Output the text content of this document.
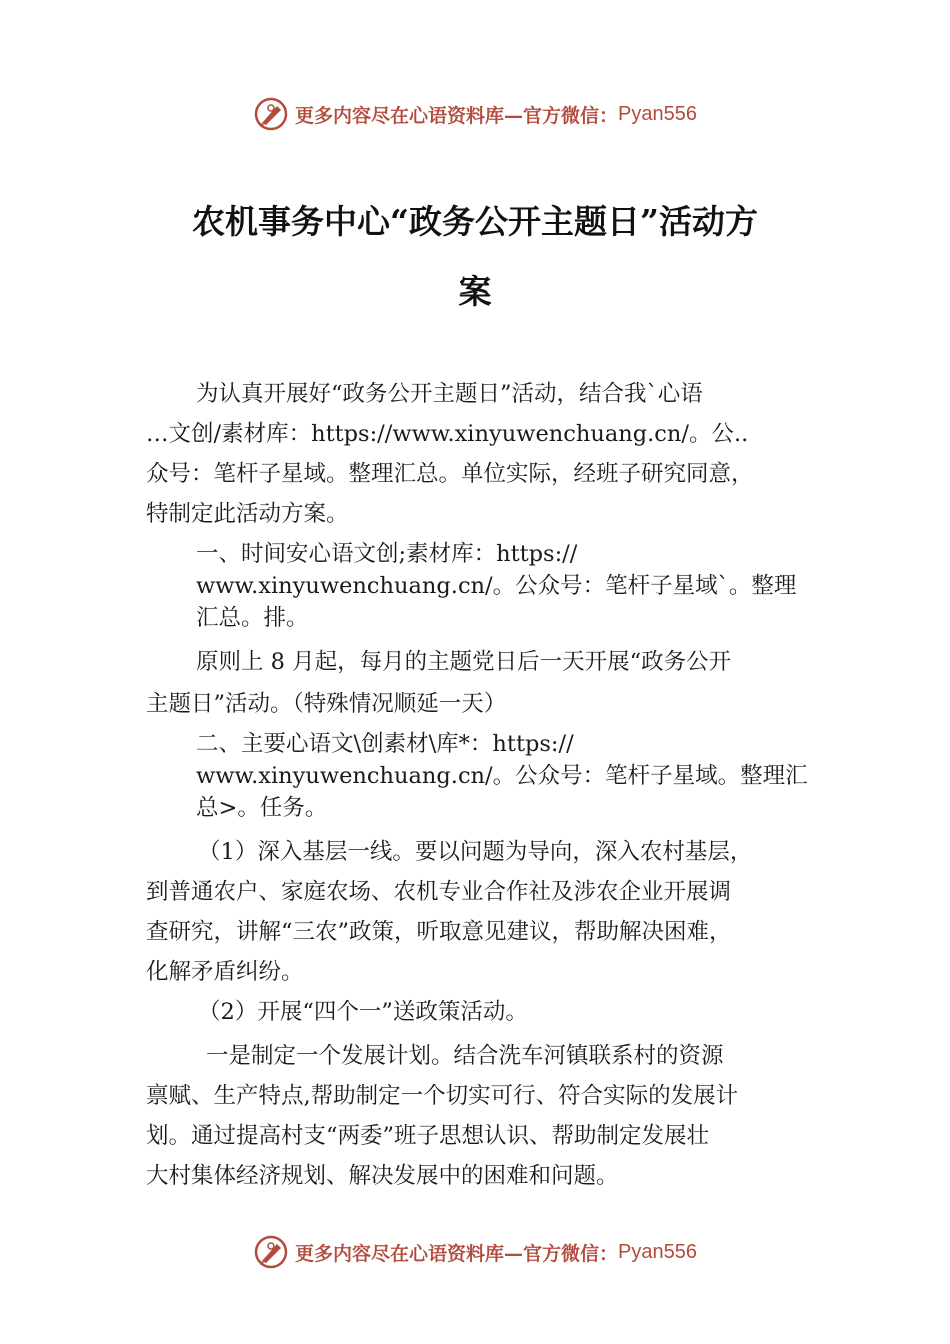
更多内容尽在心语资料库—官方微信： Pyan556
农机事务中心“政务公开主题日”活动方
案

为认真开展好“政务公开主题日”活动，结合我`心语

…文创/素材库：https://www.xinyuwenchuang.cn/。公..

众号：笔杆子星域。整理汇总。单位实际，经班子研究同意，

特制定此活动方案。

一、时间安心语文创;素材库：https://

www.xinyuwenchuang.cn/。公众号：笔杆子星域`。整理

汇总。排。

原则上 8 月起，每月的主题党日后一天开展“政务公开

主题日”活动。（特殊情况顺延一天）

二、主要心语文\创素材\库*：https://

www.xinyuwenchuang.cn/。公众号：笔杆子星域。整理汇

总>。任务。

（1）深入基层一线。要以问题为导向，深入农村基层，

到普通农户、家庭农场、农机专业合作社及涉农企业开展调

查研究，讲解“三农”政策，听取意见建议，帮助解决困难，

化解矛盾纠纷。

（2）开展“四个一”送政策活动。

一是制定一个发展计划。结合洗车河镇联系村的资源

禀赋、生产特点,帮助制定一个切实可行、符合实际的发展计

划。通过提高村支“两委”班子思想认识、帮助制定发展壮

大村集体经济规划、解决发展中的困难和问题。

更多内容尽在心语资料库—官方微信： Pyan556
